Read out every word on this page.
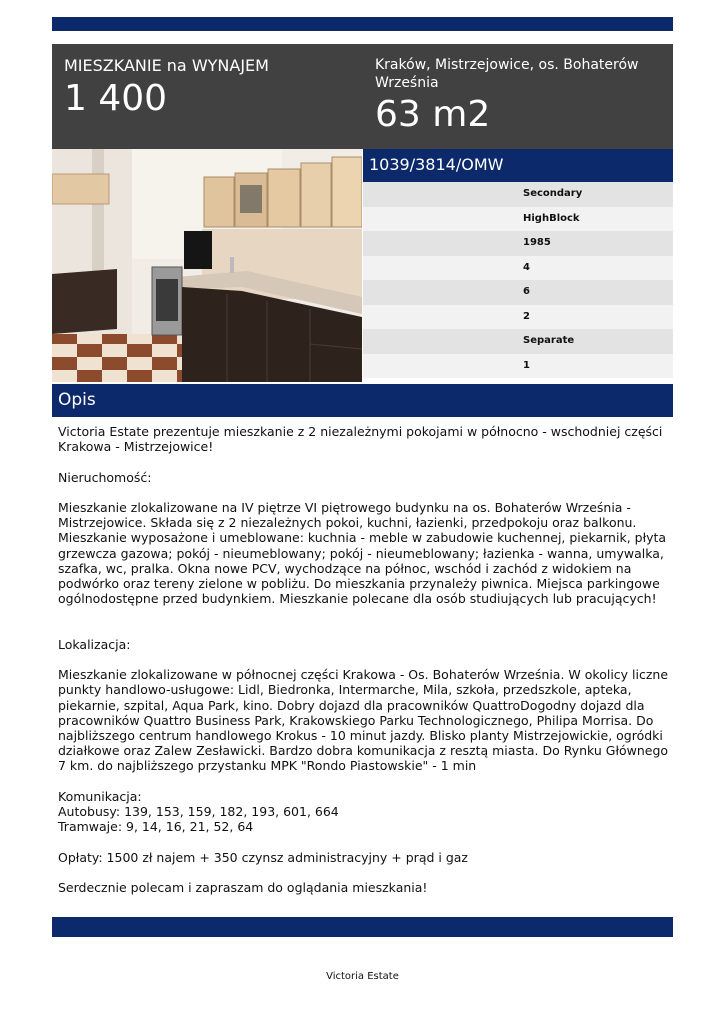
MIESZKANIE na WYNAJEM
1 400
Kraków, Mistrzejowice, os. Bohaterów Września
63 m2
1039/3814/OMW
Secondary
HighBlock
1985
4
6
2
Separate
1
Opis

Victoria Estate prezentuje mieszkanie z 2 niezależnymi pokojami w północno - wschodniej części Krakowa - Mistrzejowice!

Nieruchomość:

Mieszkanie zlokalizowane na IV piętrze VI piętrowego budynku na os. Bohaterów Września - Mistrzejowice. Składa się z 2 niezależnych pokoi, kuchni, łazienki, przedpokoju oraz balkonu. Mieszkanie wyposażone i umeblowane: kuchnia - meble w zabudowie kuchennej, piekarnik, płyta grzewcza gazowa; pokój - nieumeblowany; pokój - nieumeblowany; łazienka - wanna, umywalka, szafka, wc, pralka. Okna nowe PCV, wychodzące na północ, wschód i zachód z widokiem na podwórko oraz tereny zielone w pobliżu. Do mieszkania przynależy piwnica. Miejsca parkingowe ogólnodostępne przed budynkiem. Mieszkanie polecane dla osób studiujących lub pracujących!

Lokalizacja:

Mieszkanie zlokalizowane w północnej części Krakowa - Os. Bohaterów Września. W okolicy liczne punkty handlowo-usługowe: Lidl, Biedronka, Intermarche, Mila, szkoła, przedszkole, apteka, piekarnie, szpital, Aqua Park, kino. Dobry dojazd dla pracowników QuattroDogodny dojazd dla pracowników Quattro Business Park, Krakowskiego Parku Technologicznego, Philipa Morrisa. Do najbliższego centrum handlowego Krokus - 10 minut jazdy. Blisko planty Mistrzejowickie, ogródki działkowe oraz Zalew Zesławicki. Bardzo dobra komunikacja z resztą miasta. Do Rynku Głównego 7 km. do najbliższego przystanku MPK "Rondo Piastowskie" - 1 min

Komunikacja:

Autobusy: 139, 153, 159, 182, 193, 601, 664

Tramwaje: 9, 14, 16, 21, 52, 64

Opłaty: 1500 zł najem + 350 czynsz administracyjny + prąd i gaz

Serdecznie polecam i zapraszam do oglądania mieszkania!

Victoria Estate
